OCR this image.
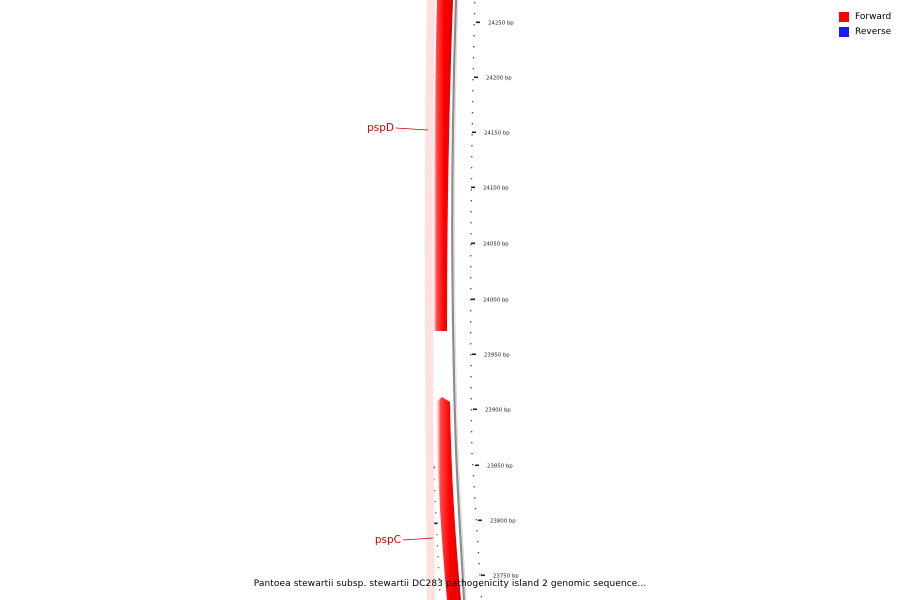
24250 bp
24200 bp
24150 bp
24100 bp
24050 bp
24000 bp
23950 bp
23900 bp
23850 bp
23800 bp
23750 bp
pspD
pspC
Forward
Reverse
Pantoea stewartii subsp. stewartii DC283 pathogenicity island 2 genomic sequence...
